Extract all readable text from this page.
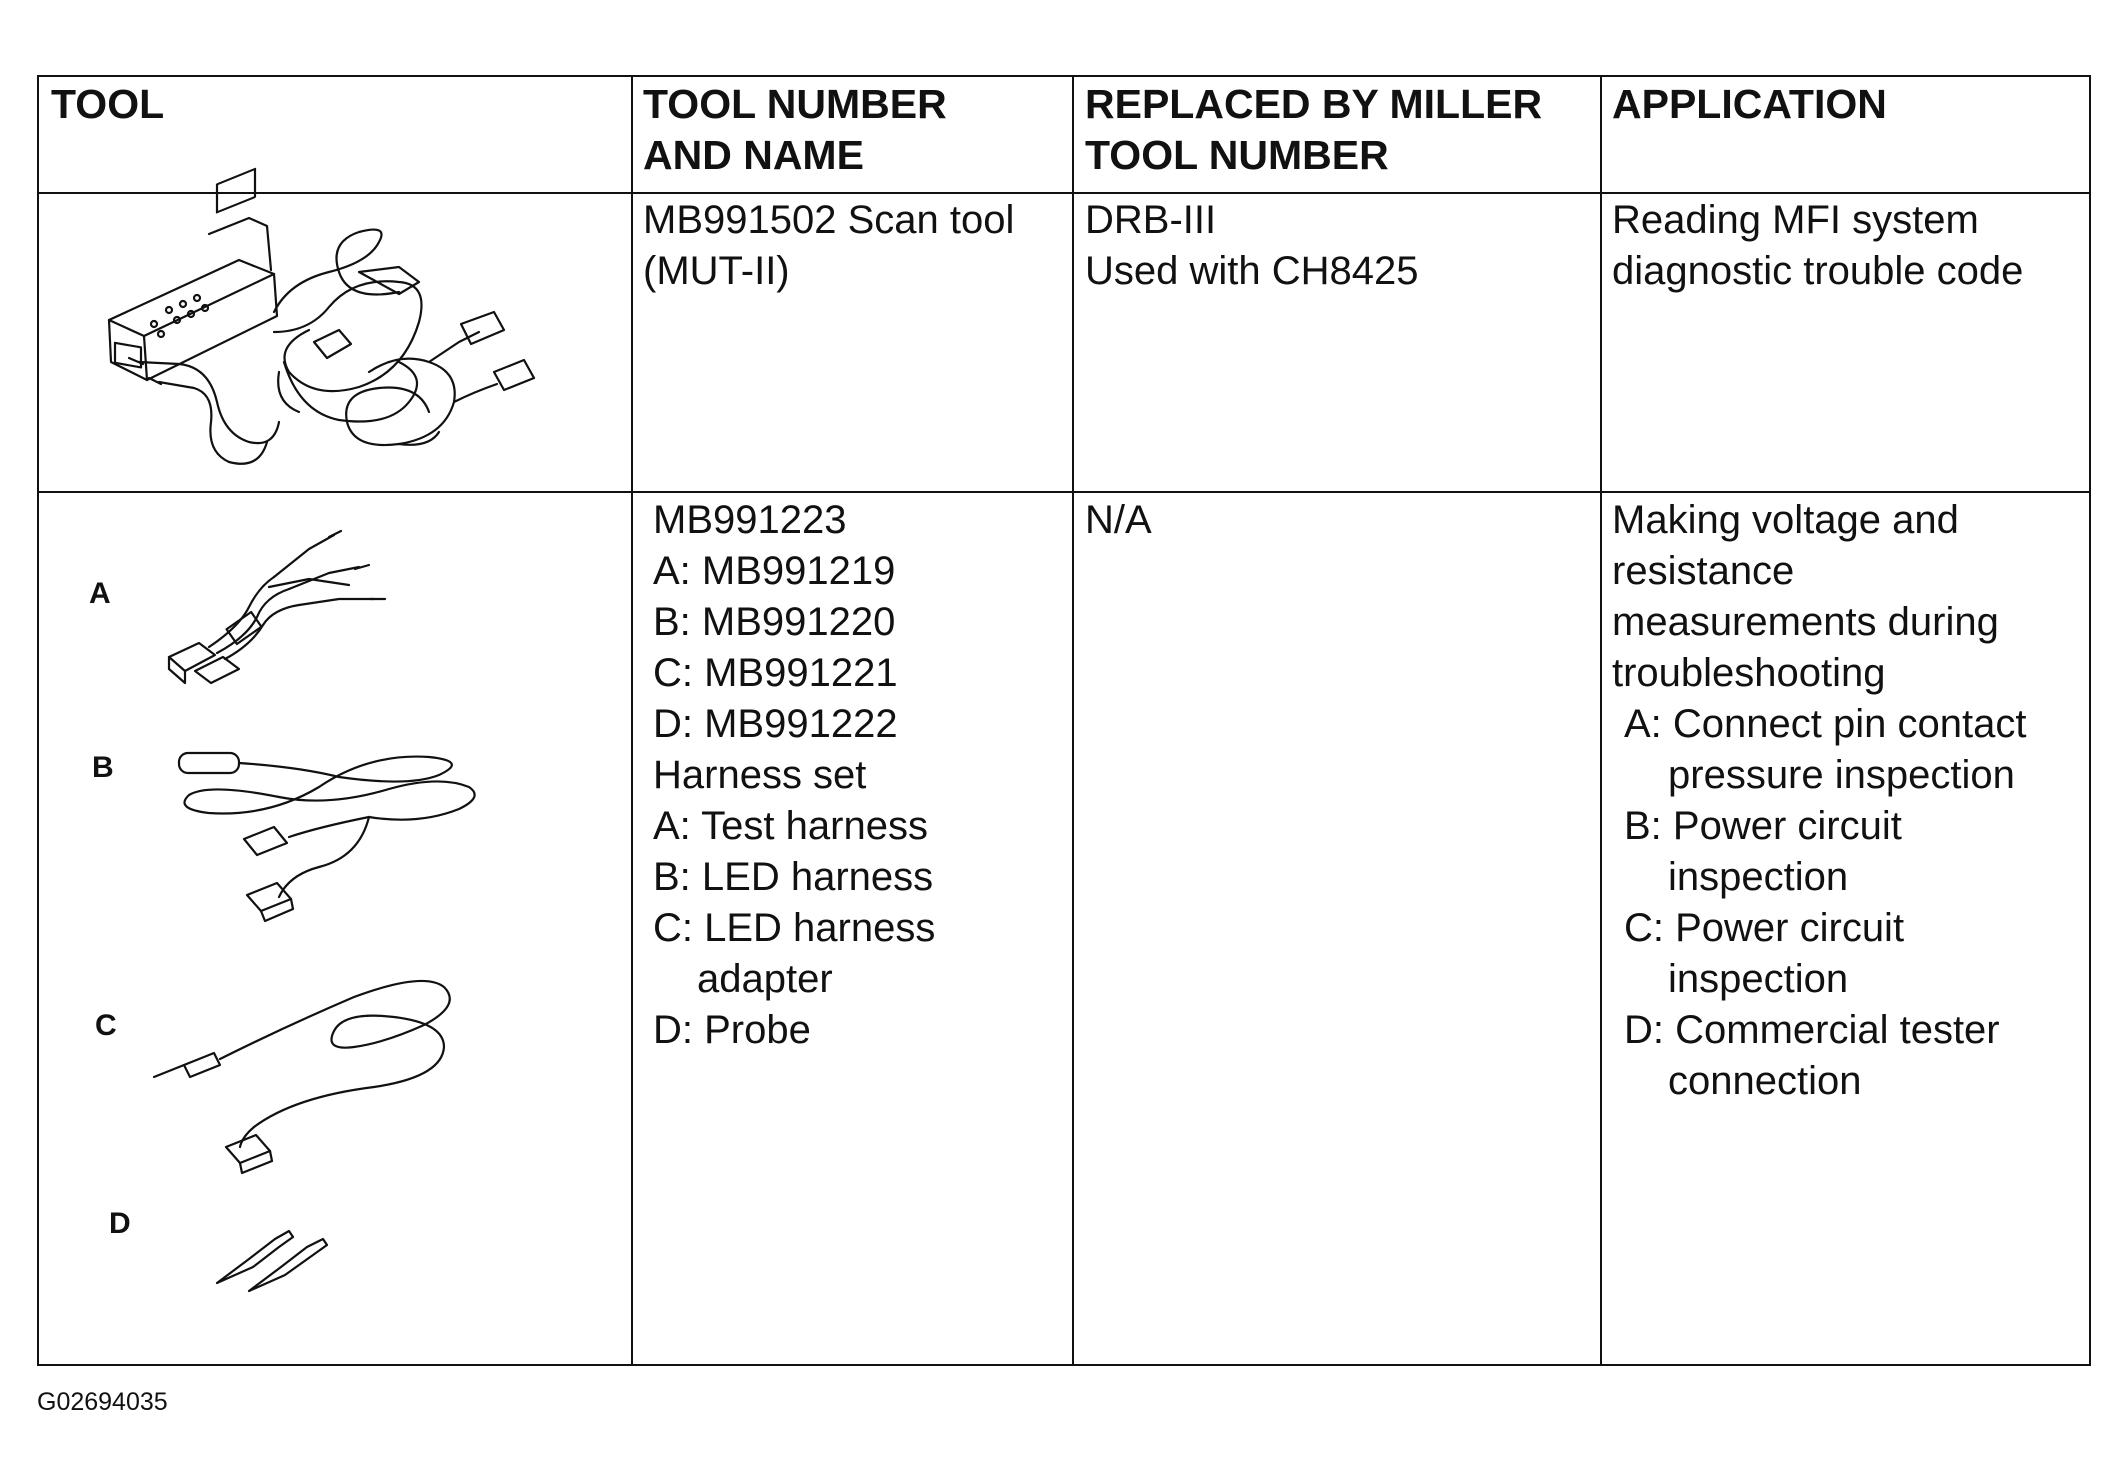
TOOL	TOOL NUMBER
AND NAME
REPLACED BY MILLER
TOOL NUMBER
APPLICATION
MB991502 Scan tool
(MUT-II)
DRB-III
Used with CH8425
Reading MFI system
diagnostic trouble code
A
B
C
D
MB991223
A: MB991219
B: MB991220
C: MB991221
D: MB991222
Harness set
A: Test harness
B: LED harness
C: LED harness
adapter
D: Probe
N/A	Making voltage and
resistance
measurements during
troubleshooting
A: Connect pin contact
pressure inspection
B: Power circuit
inspection
C: Power circuit
inspection
D: Commercial tester
connection
G02694035
